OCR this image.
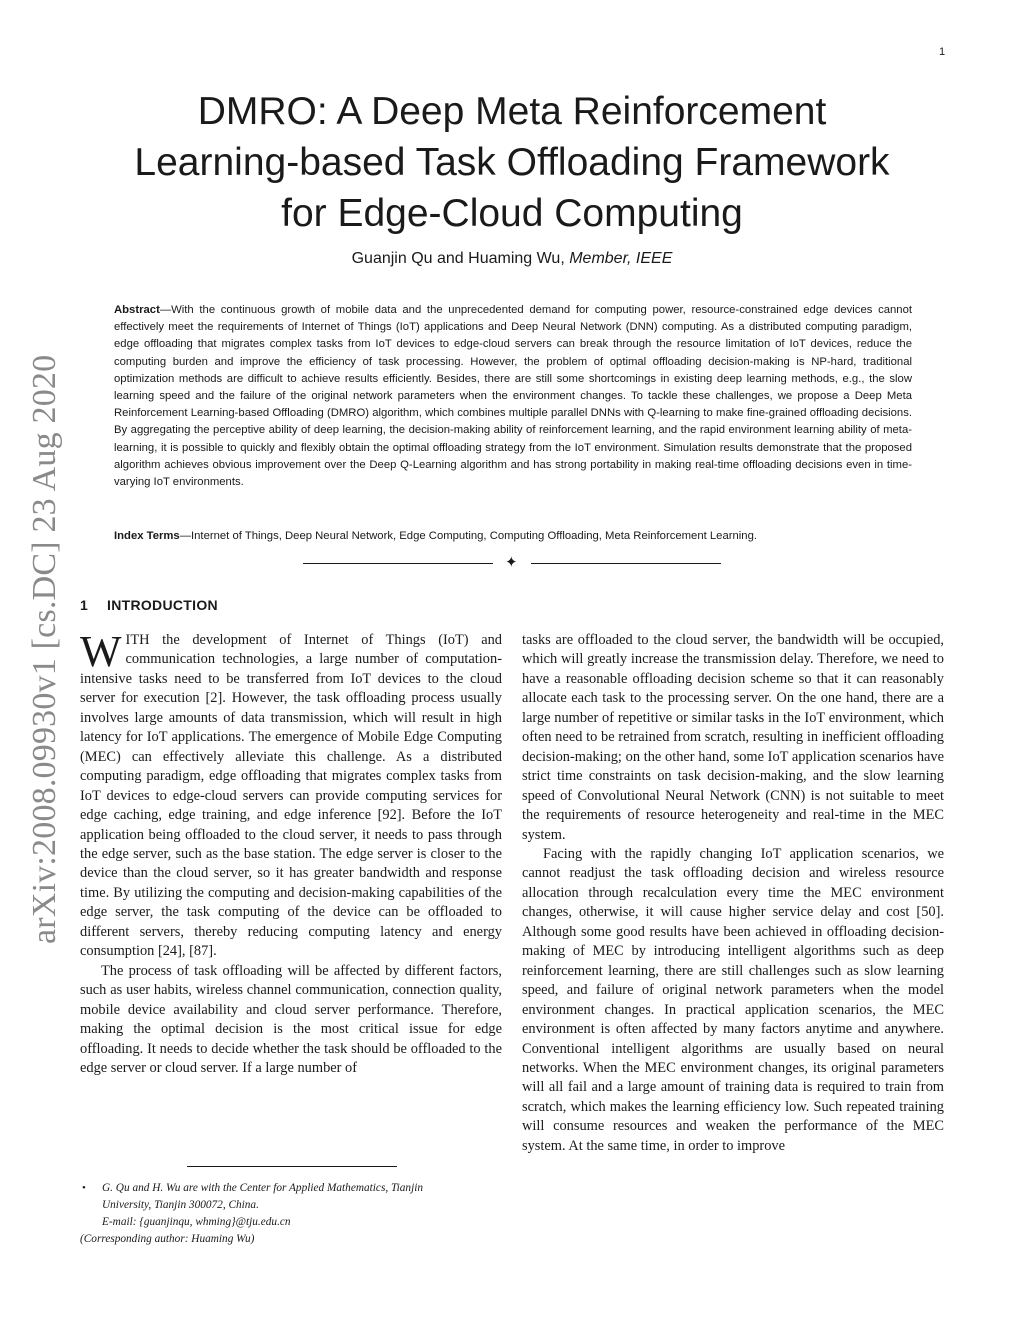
1
arXiv:2008.09930v1 [cs.DC] 23 Aug 2020
DMRO: A Deep Meta Reinforcement
Learning-based Task Offloading Framework
for Edge-Cloud Computing
Guanjin Qu and Huaming Wu, Member, IEEE

Abstract—With the continuous growth of mobile data and the unprecedented demand for computing power, resource-constrained edge devices cannot effectively meet the requirements of Internet of Things (IoT) applications and Deep Neural Network (DNN) computing. As a distributed computing paradigm, edge offloading that migrates complex tasks from IoT devices to edge-cloud servers can break through the resource limitation of IoT devices, reduce the computing burden and improve the efficiency of task processing. However, the problem of optimal offloading decision-making is NP-hard, traditional optimization methods are difficult to achieve results efficiently. Besides, there are still some shortcomings in existing deep learning methods, e.g., the slow learning speed and the failure of the original network parameters when the environment changes. To tackle these challenges, we propose a Deep Meta Reinforcement Learning-based Offloading (DMRO) algorithm, which combines multiple parallel DNNs with Q-learning to make fine-grained offloading decisions. By aggregating the perceptive ability of deep learning, the decision-making ability of reinforcement learning, and the rapid environment learning ability of meta-learning, it is possible to quickly and flexibly obtain the optimal offloading strategy from the IoT environment. Simulation results demonstrate that the proposed algorithm achieves obvious improvement over the Deep Q-Learning algorithm and has strong portability in making real-time offloading decisions even in time-varying IoT environments.

Index Terms—Internet of Things, Deep Neural Network, Edge Computing, Computing Offloading, Meta Reinforcement Learning.

✦
1 INTRODUCTION

WITH the development of Internet of Things (IoT) and communication technologies, a large number of computation-intensive tasks need to be transferred from IoT devices to the cloud server for execution [2]. However, the task offloading process usually involves large amounts of data transmission, which will result in high latency for IoT applications. The emergence of Mobile Edge Computing (MEC) can effectively alleviate this challenge. As a distributed computing paradigm, edge offloading that migrates complex tasks from IoT devices to edge-cloud servers can provide computing services for edge caching, edge training, and edge inference [92]. Before the IoT application being offloaded to the cloud server, it needs to pass through the edge server, such as the base station. The edge server is closer to the device than the cloud server, so it has greater bandwidth and response time. By utilizing the computing and decision-making capabilities of the edge server, the task computing of the device can be offloaded to different servers, thereby reducing computing latency and energy consumption [24], [87].

The process of task offloading will be affected by different factors, such as user habits, wireless channel communication, connection quality, mobile device availability and cloud server performance. Therefore, making the optimal decision is the most critical issue for edge offloading. It needs to decide whether the task should be offloaded to the edge server or cloud server. If a large number of

tasks are offloaded to the cloud server, the bandwidth will be occupied, which will greatly increase the transmission delay. Therefore, we need to have a reasonable offloading decision scheme so that it can reasonably allocate each task to the processing server. On the one hand, there are a large number of repetitive or similar tasks in the IoT environment, which often need to be retrained from scratch, resulting in inefficient offloading decision-making; on the other hand, some IoT application scenarios have strict time constraints on task decision-making, and the slow learning speed of Convolutional Neural Network (CNN) is not suitable to meet the requirements of resource heterogeneity and real-time in the MEC system.

Facing with the rapidly changing IoT application scenarios, we cannot readjust the task offloading decision and wireless resource allocation through recalculation every time the MEC environment changes, otherwise, it will cause higher service delay and cost [50]. Although some good results have been achieved in offloading decision-making of MEC by introducing intelligent algorithms such as deep reinforcement learning, there are still challenges such as slow learning speed, and failure of original network parameters when the model environment changes. In practical application scenarios, the MEC environment is often affected by many factors anytime and anywhere. Conventional intelligent algorithms are usually based on neural networks. When the MEC environment changes, its original parameters will all fail and a large amount of training data is required to train from scratch, which makes the learning efficiency low. Such repeated training will consume resources and weaken the performance of the MEC system. At the same time, in order to improve

• G. Qu and H. Wu are with the Center for Applied Mathematics, Tianjin
University, Tianjin 300072, China.
E-mail: {guanjinqu, whming}@tju.edu.cn
(Corresponding author: Huaming Wu)
